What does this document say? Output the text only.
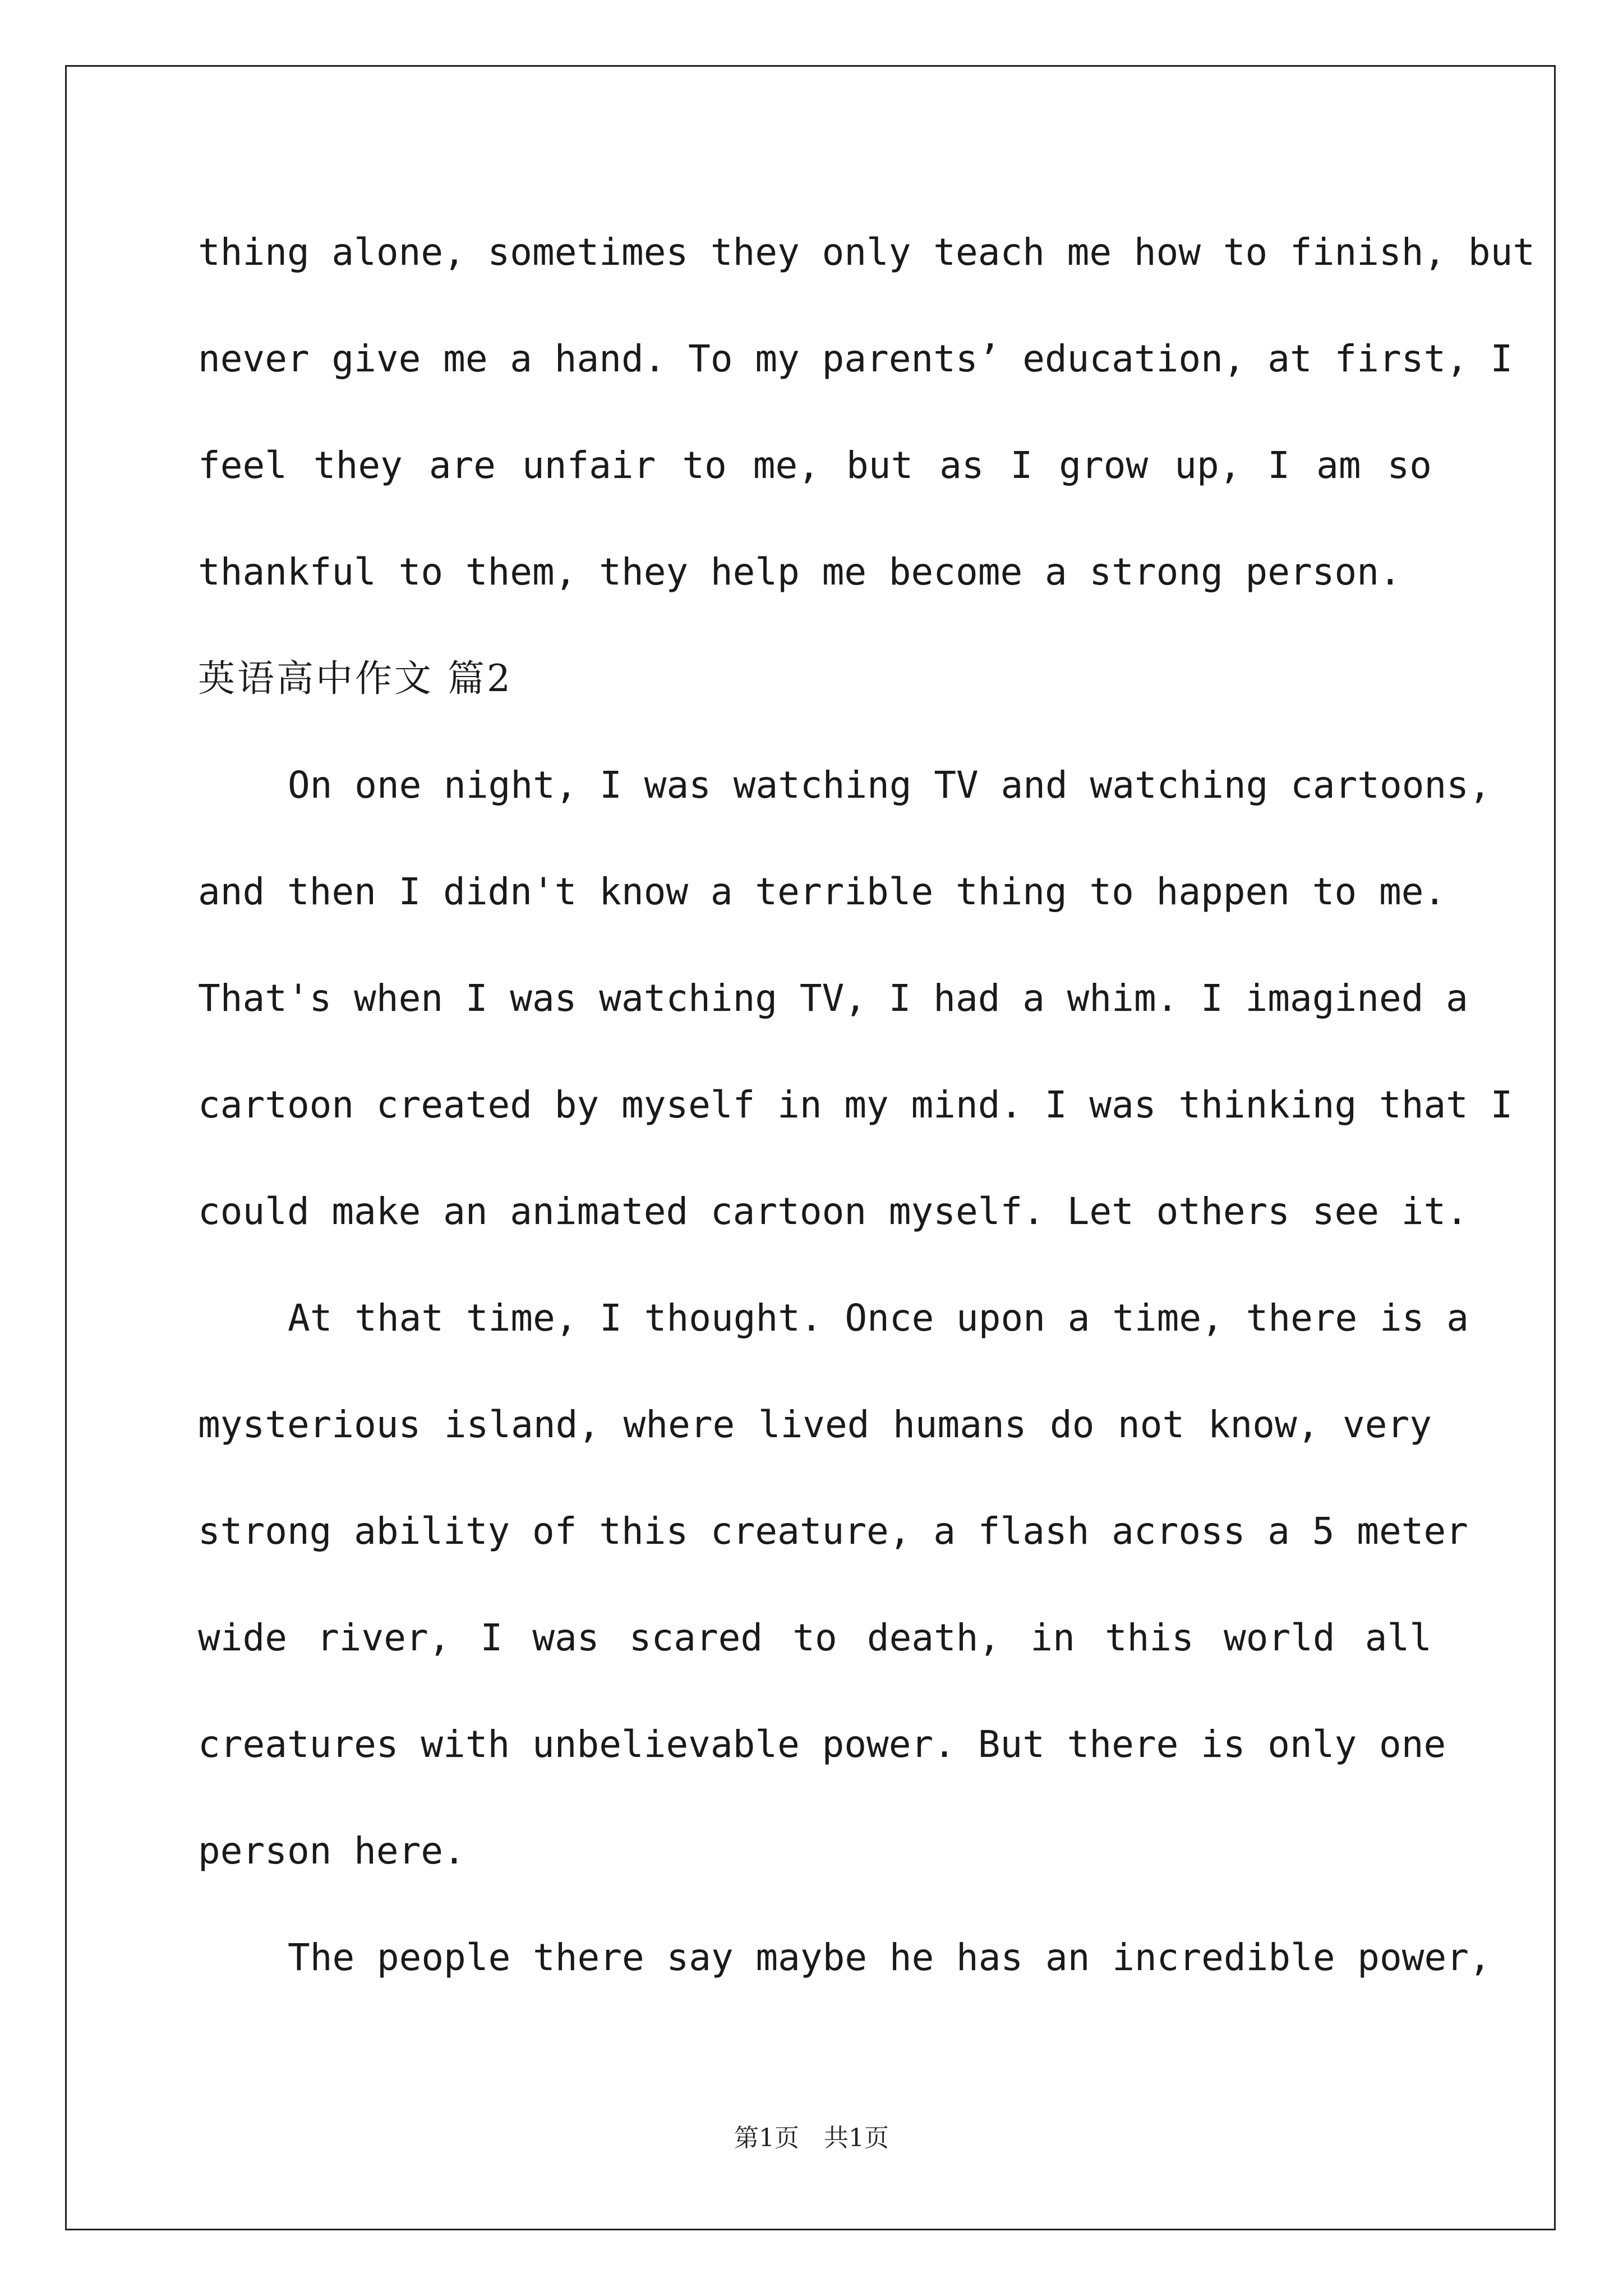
thing alone, sometimes they only teach me how to finish, but
never give me a hand. To my parents’ education, at first, I
feel they are unfair to me, but as I grow up, I am so
thankful to them, they help me become a strong person.
英语高中作文 篇2
On one night, I was watching TV and watching cartoons,
and then I didn't know a terrible thing to happen to me.
That's when I was watching TV, I had a whim. I imagined a
cartoon created by myself in my mind. I was thinking that I
could make an animated cartoon myself. Let others see it.
At that time, I thought. Once upon a time, there is a
mysterious island, where lived humans do not know, very
strong ability of this creature, a flash across a 5 meter
wide river, I was scared to death, in this world all
creatures with unbelievable power. But there is only one
person here.
The people there say maybe he has an incredible power,
第1页　共1页
